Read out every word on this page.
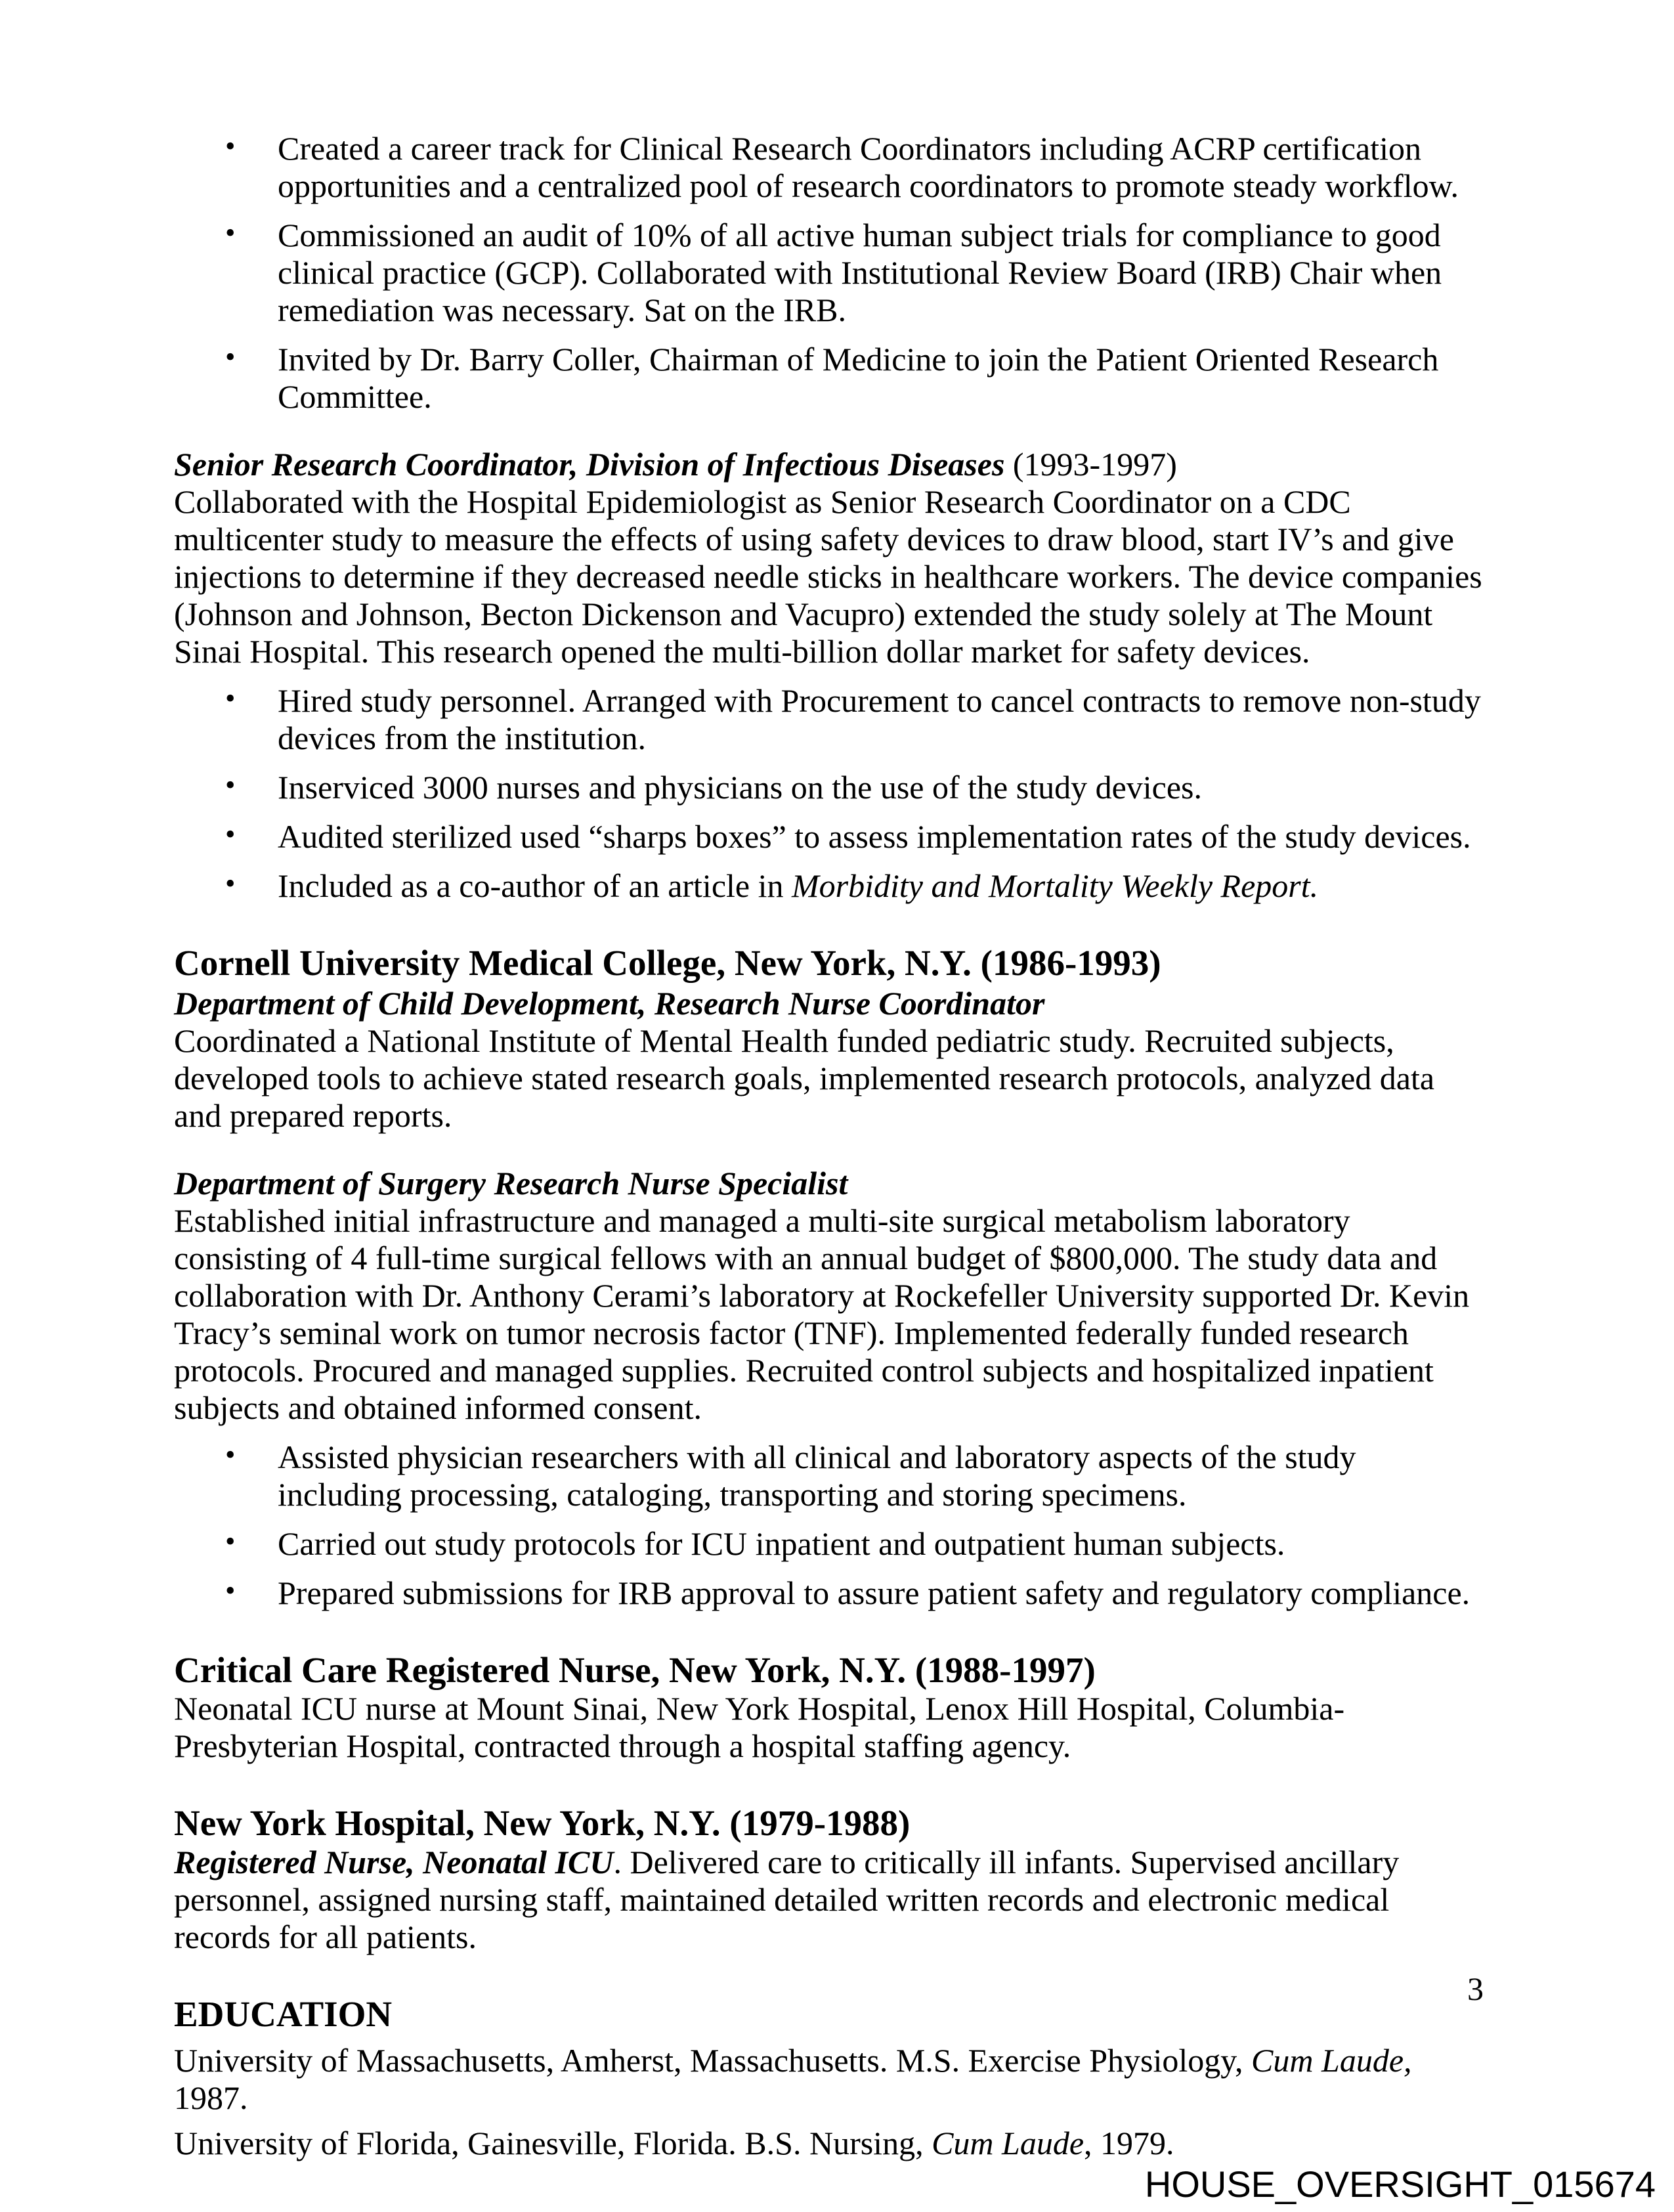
•	Created a career track for Clinical Research Coordinators including ACRP certification opportunities and a centralized pool of research coordinators to promote steady workflow.
•	Commissioned an audit of 10% of all active human subject trials for compliance to good clinical practice (GCP). Collaborated with Institutional Review Board (IRB) Chair when remediation was necessary. Sat on the IRB.
•	Invited by Dr. Barry Coller, Chairman of Medicine to join the Patient Oriented Research Committee.
Senior Research Coordinator, Division of Infectious Diseases (1993-1997)

Collaborated with the Hospital Epidemiologist as Senior Research Coordinator on a CDC multicenter study to measure the effects of using safety devices to draw blood, start IV’s and give injections to determine if they decreased needle sticks in healthcare workers. The device companies (Johnson and Johnson, Becton Dickenson and Vacupro) extended the study solely at The Mount Sinai Hospital. This research opened the multi-billion dollar market for safety devices.

•	Hired study personnel. Arranged with Procurement to cancel contracts to remove non-study devices from the institution.
•	Inserviced 3000 nurses and physicians on the use of the study devices.
•	Audited sterilized used “sharps boxes” to assess implementation rates of the study devices.
•	Included as a co-author of an article in Morbidity and Mortality Weekly Report.
Cornell University Medical College, New York, N.Y. (1986-1993)
Department of Child Development, Research Nurse Coordinator

Coordinated a National Institute of Mental Health funded pediatric study. Recruited subjects, developed tools to achieve stated research goals, implemented research protocols, analyzed data and prepared reports.

Department of Surgery Research Nurse Specialist

Established initial infrastructure and managed a multi-site surgical metabolism laboratory consisting of 4 full-time surgical fellows with an annual budget of $800,000. The study data and collaboration with Dr. Anthony Cerami’s laboratory at Rockefeller University supported Dr. Kevin Tracy’s seminal work on tumor necrosis factor (TNF). Implemented federally funded research protocols. Procured and managed supplies. Recruited control subjects and hospitalized inpatient subjects and obtained informed consent.

•	Assisted physician researchers with all clinical and laboratory aspects of the study including processing, cataloging, transporting and storing specimens.
•	Carried out study protocols for ICU inpatient and outpatient human subjects.
•	Prepared submissions for IRB approval to assure patient safety and regulatory compliance.
Critical Care Registered Nurse, New York, N.Y. (1988-1997)

Neonatal ICU nurse at Mount Sinai, New York Hospital, Lenox Hill Hospital, Columbia-Presbyterian Hospital, contracted through a hospital staffing agency.

New York Hospital, New York, N.Y. (1979-1988)

Registered Nurse, Neonatal ICU. Delivered care to critically ill infants. Supervised ancillary personnel, assigned nursing staff, maintained detailed written records and electronic medical records for all patients.

EDUCATION

University of Massachusetts, Amherst, Massachusetts. M.S. Exercise Physiology, Cum Laude, 1987.

University of Florida, Gainesville, Florida. B.S. Nursing, Cum Laude, 1979.

3
HOUSE_OVERSIGHT_015674
